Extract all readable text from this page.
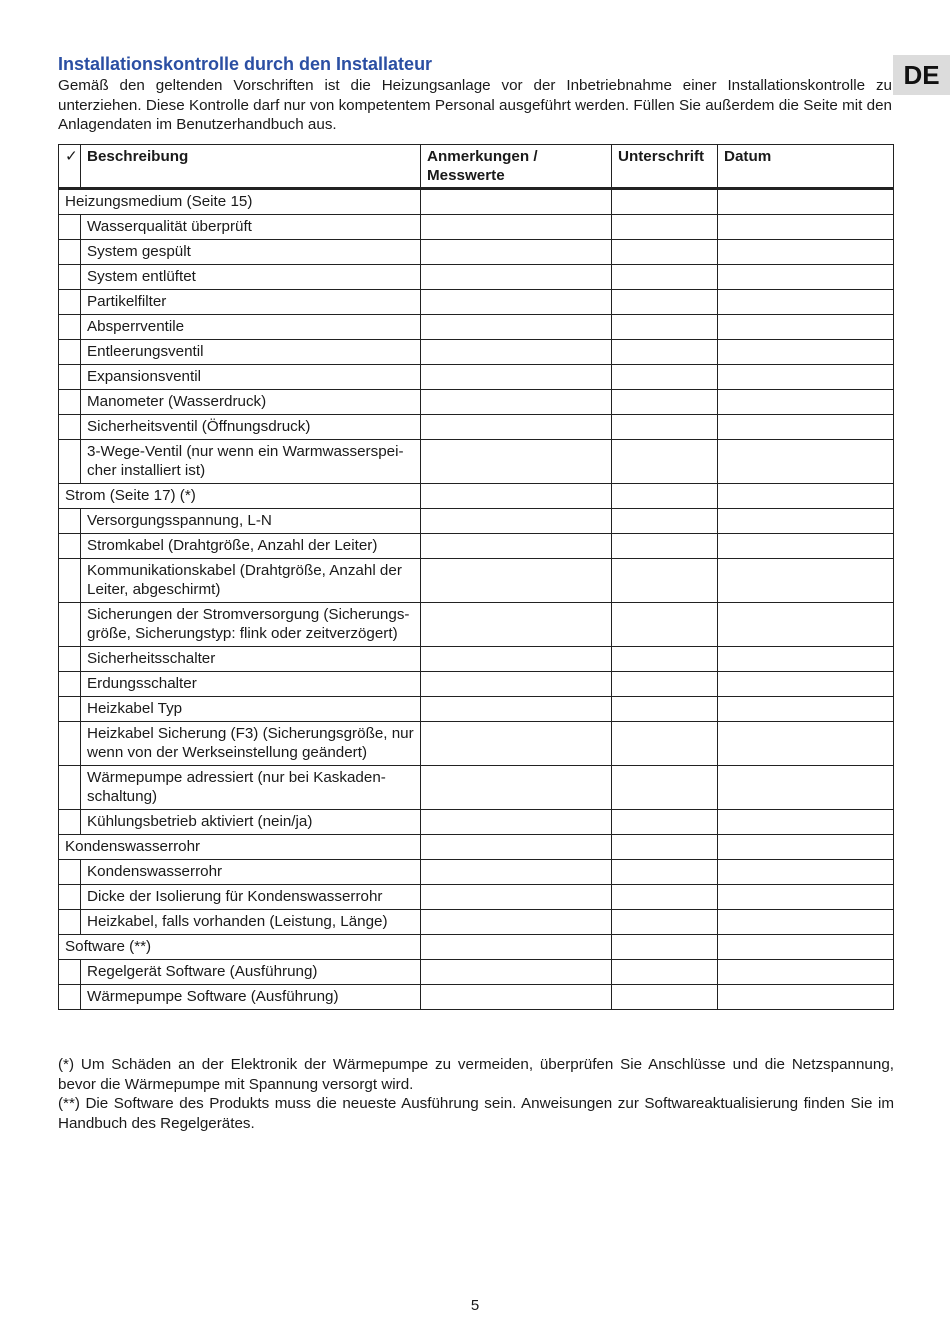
DE
Installationskontrolle durch den Installateur

Gemäß den geltenden Vorschriften ist die Heizungsanlage vor der Inbetriebnahme einer Installationskontrolle zu unterziehen. Diese Kontrolle darf nur von kompetentem Personal ausgeführt werden. Füllen Sie außerdem die Seite mit den Anlagendaten im Benutzerhandbuch aus.

✓	Beschreibung	Anmerkungen / Messwerte	Unterschrift	Datum
Heizungsmedium (Seite 15)				
	Wasserqualität überprüft			
	System gespült			
	System entlüftet			
	Partikelfilter			
	Absperrventile			
	Entleerungsventil			
	Expansionsventil			
	Manometer (Wasserdruck)			
	Sicherheitsventil (Öffnungsdruck)			
	3-Wege-Ventil (nur wenn ein Warmwasserspei-cher installiert ist)			
Strom (Seite 17) (*)				
	Versorgungsspannung, L-N			
	Stromkabel (Drahtgröße, Anzahl der Leiter)			
	Kommunikationskabel (Drahtgröße, Anzahl der Leiter, abgeschirmt)			
	Sicherungen der Stromversorgung (Sicherungs-größe, Sicherungstyp: flink oder zeitverzögert)			
	Sicherheitsschalter			
	Erdungsschalter			
	Heizkabel Typ			
	Heizkabel Sicherung (F3) (Sicherungsgröße, nur wenn von der Werkseinstellung geändert)			
	Wärmepumpe adressiert (nur bei Kaskaden-schaltung)			
	Kühlungsbetrieb aktiviert (nein/ja)			
Kondenswasserrohr				
	Kondenswasserrohr			
	Dicke der Isolierung für Kondenswasserrohr			
	Heizkabel, falls vorhanden (Leistung, Länge)			
Software (**)				
	Regelgerät Software (Ausführung)			
	Wärmepumpe Software (Ausführung)			

(*) Um Schäden an der Elektronik der Wärmepumpe zu vermeiden, überprüfen Sie Anschlüsse und die Netzspannung, bevor die Wärmepumpe mit Spannung versorgt wird.

(**) Die Software des Produkts muss die neueste Ausführung sein. Anweisungen zur Softwareaktualisierung finden Sie im Handbuch des Regelgerätes.

5
